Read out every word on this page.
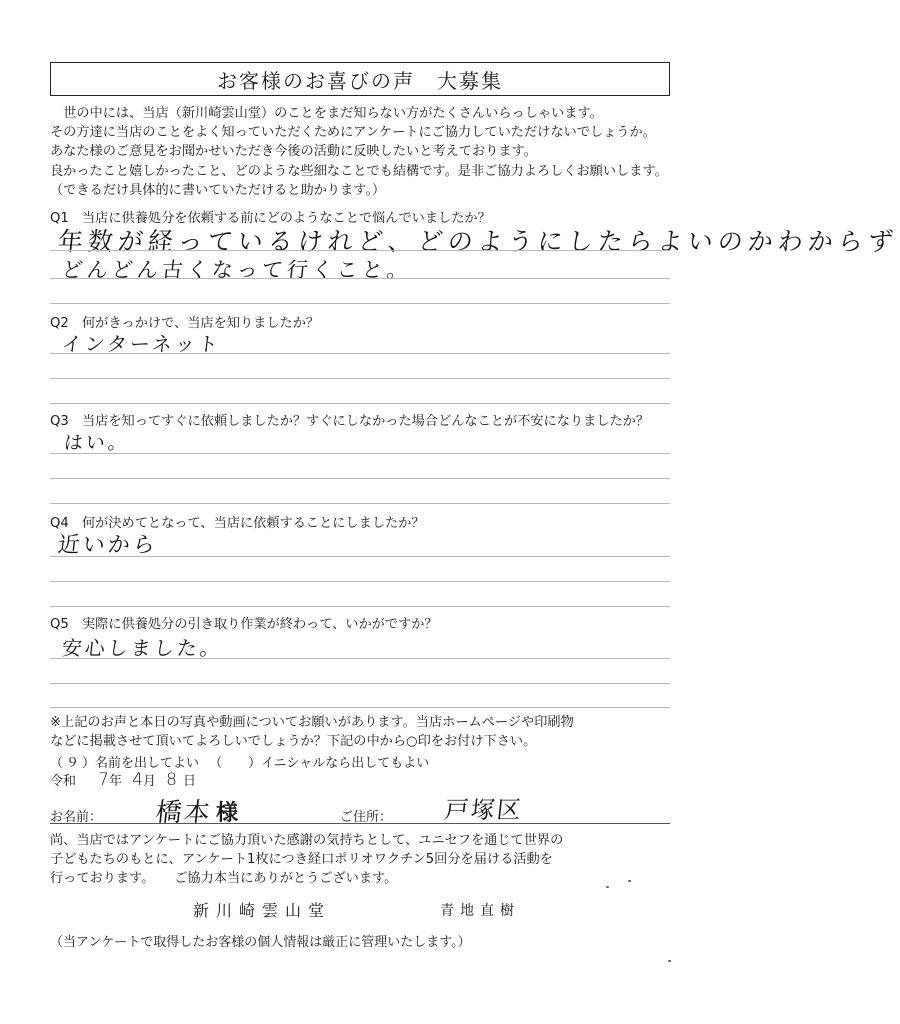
お客様のお喜びの声　大募集
　世の中には、当店（新川崎雲山堂）のことをまだ知らない方がたくさんいらっしゃいます。
その方達に当店のことをよく知っていただくためにアンケートにご協力していただけないでしょうか。
あなた様のご意見をお聞かせいただき今後の活動に反映したいと考えております。
良かったこと嬉しかったこと、どのような些細なことでも結構です。是非ご協力よろしくお願いします。
（できるだけ具体的に書いていただけると助かります。）
Q1　当店に供養処分を依頼する前にどのようなことで悩んでいましたか？
年数が経っているけれど、どのようにしたらよいのかわからず
どんどん古くなって行くこと。
Q2　何がきっかけで、当店を知りましたか？
インターネット
Q3　当店を知ってすぐに依頼しましたか？すぐにしなかった場合どんなことが不安になりましたか？
はい。
Q4　何が決めてとなって、当店に依頼することにしましたか？
近いから
Q5　実際に供養処分の引き取り作業が終わって、いかがですか？
安心しました。
※上記のお声と本日の写真や動画についてお願いがあります。当店ホームページや印刷物
などに掲載させて頂いてよろしいでしょうか？下記の中から○印をお付け下さい。
（ ９ ）名前を出してよい （　　）イニシャルなら出してもよい
令和 7年 4月 8 日
お名前： 橋本 様	ご住所： 戸塚区
尚、当店ではアンケートにご協力頂いた感謝の気持ちとして、ユニセフを通じて世界の
子どもたちのもとに、アンケート1枚につき経口ポリオワクチン5回分を届ける活動を
行っております。　　ご協力本当にありがとうございます。
新川崎雲山堂	青地直樹
（当アンケートで取得したお客様の個人情報は厳正に管理いたします。）
